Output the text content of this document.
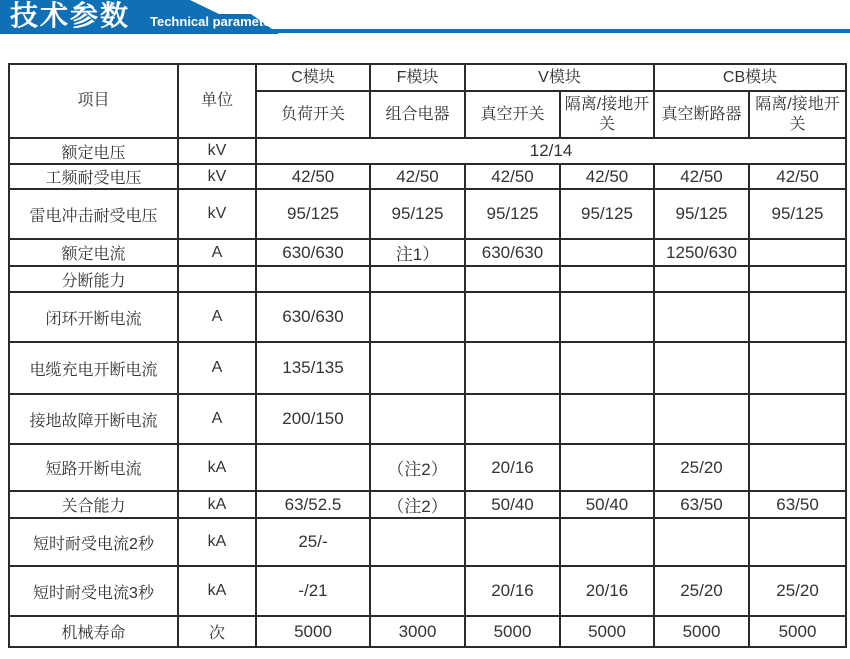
技术参数 Technical parameter
项目	单位	C模块	F模块	V模块		CB模块	
		负荷开关	组合电器	真空开关	隔离/接地开关	真空断路器	隔离/接地开关
额定电压	kV	12/14					
工频耐受电压	kV	42/50	42/50	42/50	42/50	42/50	42/50
雷电冲击耐受电压	kV	95/125	95/125	95/125	95/125	95/125	95/125
额定电流	A	630/630	注1）	630/630		1250/630	
分断能力							
闭环开断电流	A	630/630					
电缆充电开断电流	A	135/135					
接地故障开断电流	A	200/150					
短路开断电流	kA		（注2）	20/16		25/20	
关合能力	kA	63/52.5	（注2）	50/40	50/40	63/50	63/50
短时耐受电流2秒	kA	25/-					
短时耐受电流3秒	kA	-/21		20/16	20/16	25/20	25/20
机械寿命	次	5000	3000	5000	5000	5000	5000
